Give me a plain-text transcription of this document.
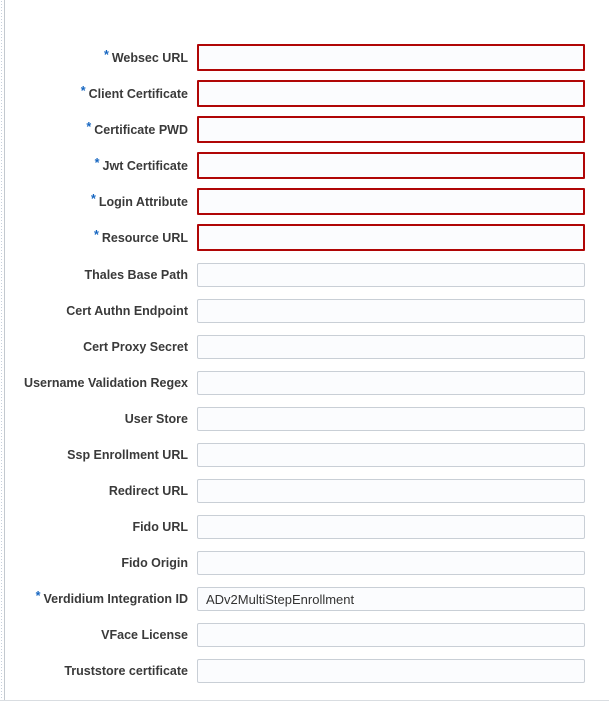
* Websec URL
* Client Certificate
* Certificate PWD
* Jwt Certificate
* Login Attribute
* Resource URL
Thales Base Path
Cert Authn Endpoint
Cert Proxy Secret
Username Validation Regex
User Store
Ssp Enrollment URL
Redirect URL
Fido URL
Fido Origin
* Verdidium Integration ID
ADv2MultiStepEnrollment
VFace License
Truststore certificate
